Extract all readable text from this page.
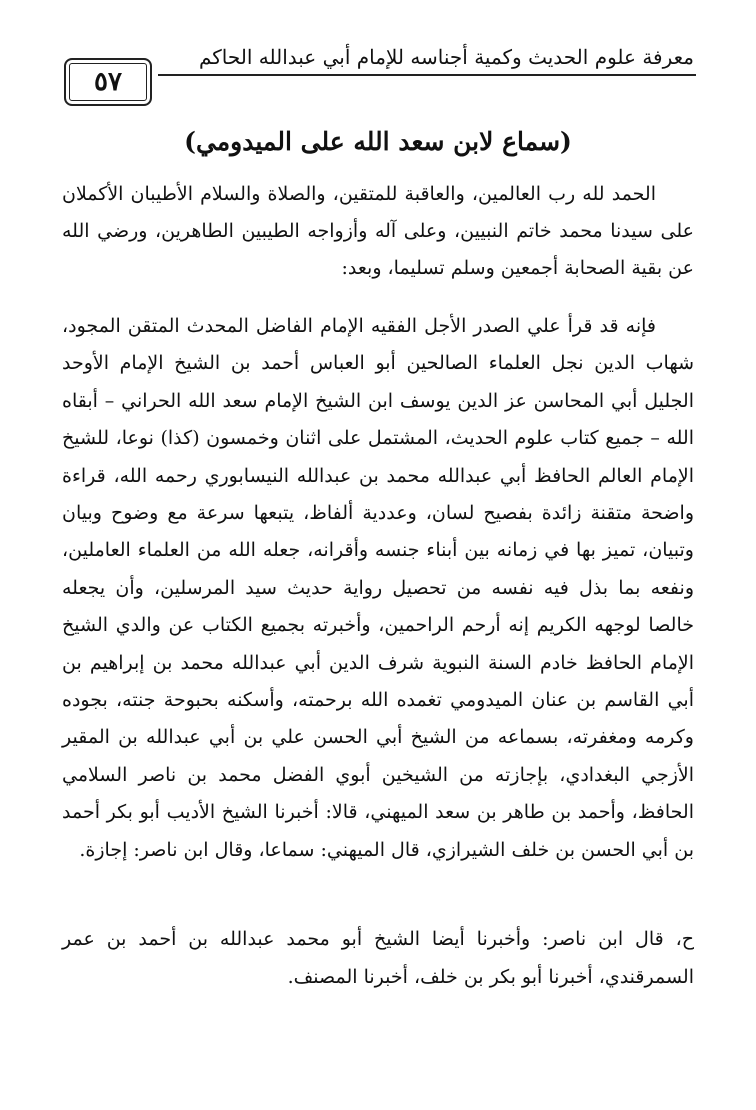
معرفة علوم الحديث وكمية أجناسه للإمام أبي عبدالله الحاكم
٥٧
(سماع لابن سعد الله على الميدومي)

الحمد لله رب العالمين، والعاقبة للمتقين، والصلاة والسلام الأطيبان الأكملان على سيدنا محمد خاتم النبيين، وعلى آله وأزواجه الطيبين الطاهرين، ورضي الله عن بقية الصحابة أجمعين وسلم تسليما، وبعد:

فإنه قد قرأ علي الصدر الأجل الفقيه الإمام الفاضل المحدث المتقن المجود، شهاب الدين نجل العلماء الصالحين أبو العباس أحمد بن الشيخ الإمام الأوحد الجليل أبي المحاسن عز الدين يوسف ابن الشيخ الإمام سعد الله الحراني – أبقاه الله – جميع كتاب علوم الحديث، المشتمل على اثنان وخمسون (كذا) نوعا، للشيخ الإمام العالم الحافظ أبي عبدالله محمد بن عبدالله النيسابوري رحمه الله، قراءة واضحة متقنة زائدة بفصيح لسان، وعددية ألفاظ، يتبعها سرعة مع وضوح وبيان وتبيان، تميز بها في زمانه بين أبناء جنسه وأقرانه، جعله الله من العلماء العاملين، ونفعه بما بذل فيه نفسه من تحصيل رواية حديث سيد المرسلين، وأن يجعله خالصا لوجهه الكريم إنه أرحم الراحمين، وأخبرته بجميع الكتاب عن والدي الشيخ الإمام الحافظ خادم السنة النبوية شرف الدين أبي عبدالله محمد بن إبراهيم بن أبي القاسم بن عنان الميدومي تغمده الله برحمته، وأسكنه بحبوحة جنته، بجوده وكرمه ومغفرته، بسماعه من الشيخ أبي الحسن علي بن أبي عبدالله بن المقير الأزجي البغدادي، بإجازته من الشيخين أبوي الفضل محمد بن ناصر السلامي الحافظ، وأحمد بن طاهر بن سعد الميهني، قالا: أخبرنا الشيخ الأديب أبو بكر أحمد بن أبي الحسن بن خلف الشيرازي، قال الميهني: سماعا، وقال ابن ناصر: إجازة.

ح، قال ابن ناصر: وأخبرنا أيضا الشيخ أبو محمد عبدالله بن أحمد بن عمر السمرقندي، أخبرنا أبو بكر بن خلف، أخبرنا المصنف.
